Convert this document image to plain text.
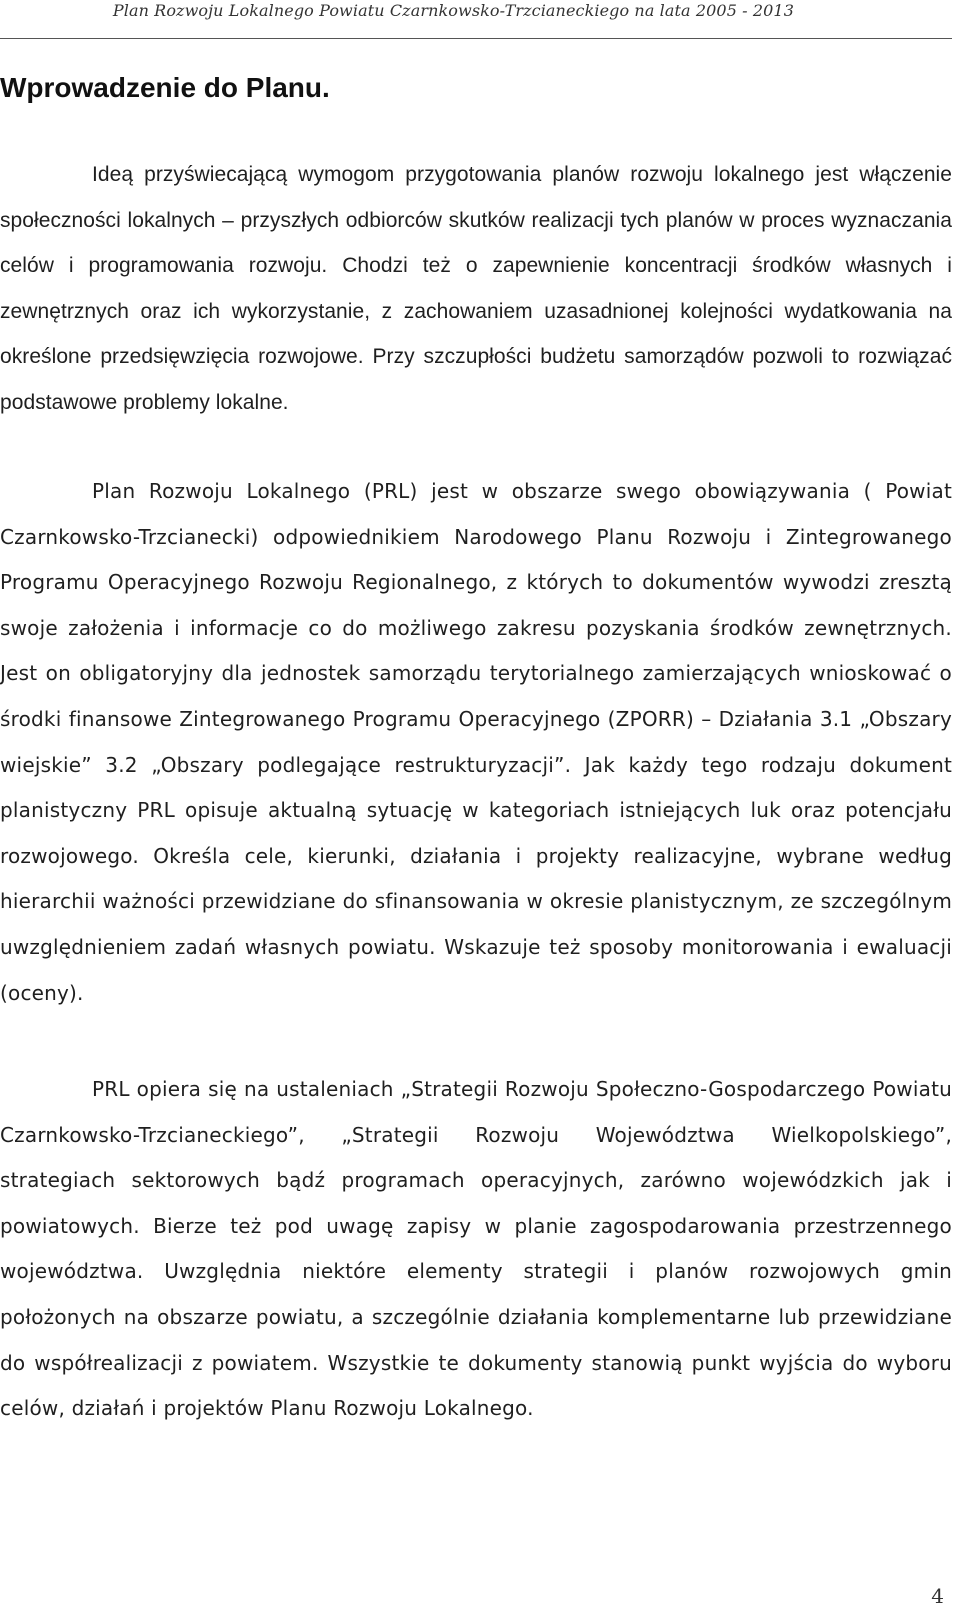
Plan Rozwoju Lokalnego Powiatu Czarnkowsko-Trzcianeckiego na lata 2005 - 2013
Wprowadzenie do Planu.

Ideą przyświecającą wymogom przygotowania planów rozwoju lokalnego jest włączenie społeczności lokalnych – przyszłych odbiorców skutków realizacji tych planów w proces wyznaczania celów i programowania rozwoju. Chodzi też o zapewnienie koncentracji środków własnych i zewnętrznych oraz ich wykorzystanie, z zachowaniem uzasadnionej kolejności wydatkowania na określone przedsięwzięcia rozwojowe. Przy szczupłości budżetu samorządów pozwoli to rozwiązać podstawowe problemy lokalne.

Plan Rozwoju Lokalnego (PRL) jest w obszarze swego obowiązywania ( Powiat Czarnkowsko-Trzcianecki) odpowiednikiem Narodowego Planu Rozwoju i Zintegrowanego Programu Operacyjnego Rozwoju Regionalnego, z których to dokumentów wywodzi zresztą swoje założenia i informacje co do możliwego zakresu pozyskania środków zewnętrznych. Jest on obligatoryjny dla jednostek samorządu terytorialnego zamierzających wnioskować o środki finansowe Zintegrowanego Programu Operacyjnego (ZPORR) – Działania 3.1 „Obszary wiejskie” 3.2 „Obszary podlegające restrukturyzacji”. Jak każdy tego rodzaju dokument planistyczny PRL opisuje aktualną sytuację w kategoriach istniejących luk oraz potencjału rozwojowego. Określa cele, kierunki, działania i projekty realizacyjne, wybrane według hierarchii ważności przewidziane do sfinansowania w okresie planistycznym, ze szczególnym uwzględnieniem zadań własnych powiatu. Wskazuje też sposoby monitorowania i ewaluacji (oceny).

PRL opiera się na ustaleniach „Strategii Rozwoju Społeczno-Gospodarczego Powiatu Czarnkowsko-Trzcianeckiego”, „Strategii Rozwoju Województwa Wielkopolskiego”, strategiach sektorowych bądź programach operacyjnych, zarówno wojewódzkich jak i powiatowych. Bierze też pod uwagę zapisy w planie zagospodarowania przestrzennego województwa. Uwzględnia niektóre elementy strategii i planów rozwojowych gmin położonych na obszarze powiatu, a szczególnie działania komplementarne lub przewidziane do współrealizacji z powiatem. Wszystkie te dokumenty stanowią punkt wyjścia do wyboru celów, działań i projektów Planu Rozwoju Lokalnego.

4
